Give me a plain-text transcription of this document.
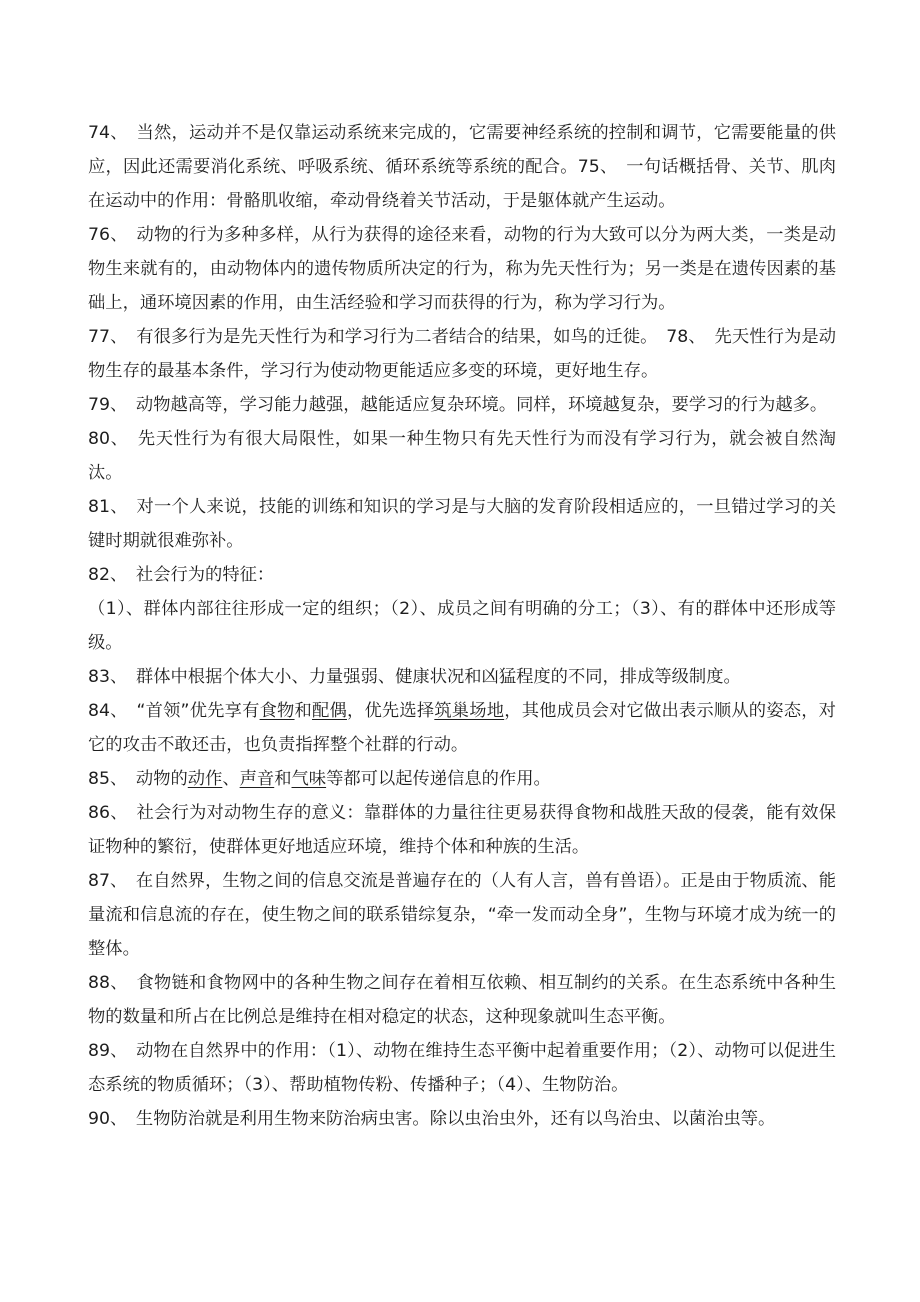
74、　当然，运动并不是仅靠运动系统来完成的，它需要神经系统的控制和调节，它需要能量的供应，因此还需要消化系统、呼吸系统、循环系统等系统的配合。75、　一句话概括骨、关节、肌肉在运动中的作用：骨骼肌收缩，牵动骨绕着关节活动，于是躯体就产生运动。

76、　动物的行为多种多样，从行为获得的途径来看，动物的行为大致可以分为两大类，一类是动物生来就有的，由动物体内的遗传物质所决定的行为，称为先天性行为；另一类是在遗传因素的基础上，通环境因素的作用，由生活经验和学习而获得的行为，称为学习行为。

77、　有很多行为是先天性行为和学习行为二者结合的结果，如鸟的迁徙。　78、　先天性行为是动物生存的最基本条件，学习行为使动物更能适应多变的环境，更好地生存。

79、　动物越高等，学习能力越强，越能适应复杂环境。同样，环境越复杂，要学习的行为越多。

80、　先天性行为有很大局限性，如果一种生物只有先天性行为而没有学习行为，就会被自然淘汰。

81、　对一个人来说，技能的训练和知识的学习是与大脑的发育阶段相适应的，一旦错过学习的关键时期就很难弥补。

82、　社会行为的特征：

（1）、群体内部往往形成一定的组织；（2）、成员之间有明确的分工；（3）、有的群体中还形成等级。

83、　群体中根据个体大小、力量强弱、健康状况和凶猛程度的不同，排成等级制度。

84、　“首领”优先享有食物和配偶，优先选择筑巢场地，其他成员会对它做出表示顺从的姿态，对它的攻击不敢还击，也负责指挥整个社群的行动。

85、　动物的动作、声音和气味等都可以起传递信息的作用。

86、　社会行为对动物生存的意义：靠群体的力量往往更易获得食物和战胜天敌的侵袭，能有效保证物种的繁衍，使群体更好地适应环境，维持个体和种族的生活。

87、　在自然界，生物之间的信息交流是普遍存在的（人有人言，兽有兽语）。正是由于物质流、能量流和信息流的存在，使生物之间的联系错综复杂，“牵一发而动全身”，生物与环境才成为统一的整体。

88、　食物链和食物网中的各种生物之间存在着相互依赖、相互制约的关系。在生态系统中各种生物的数量和所占在比例总是维持在相对稳定的状态，这种现象就叫生态平衡。

89、　动物在自然界中的作用：（1）、动物在维持生态平衡中起着重要作用；（2）、动物可以促进生态系统的物质循环；（3）、帮助植物传粉、传播种子；（4）、生物防治。

90、　生物防治就是利用生物来防治病虫害。除以虫治虫外，还有以鸟治虫、以菌治虫等。
